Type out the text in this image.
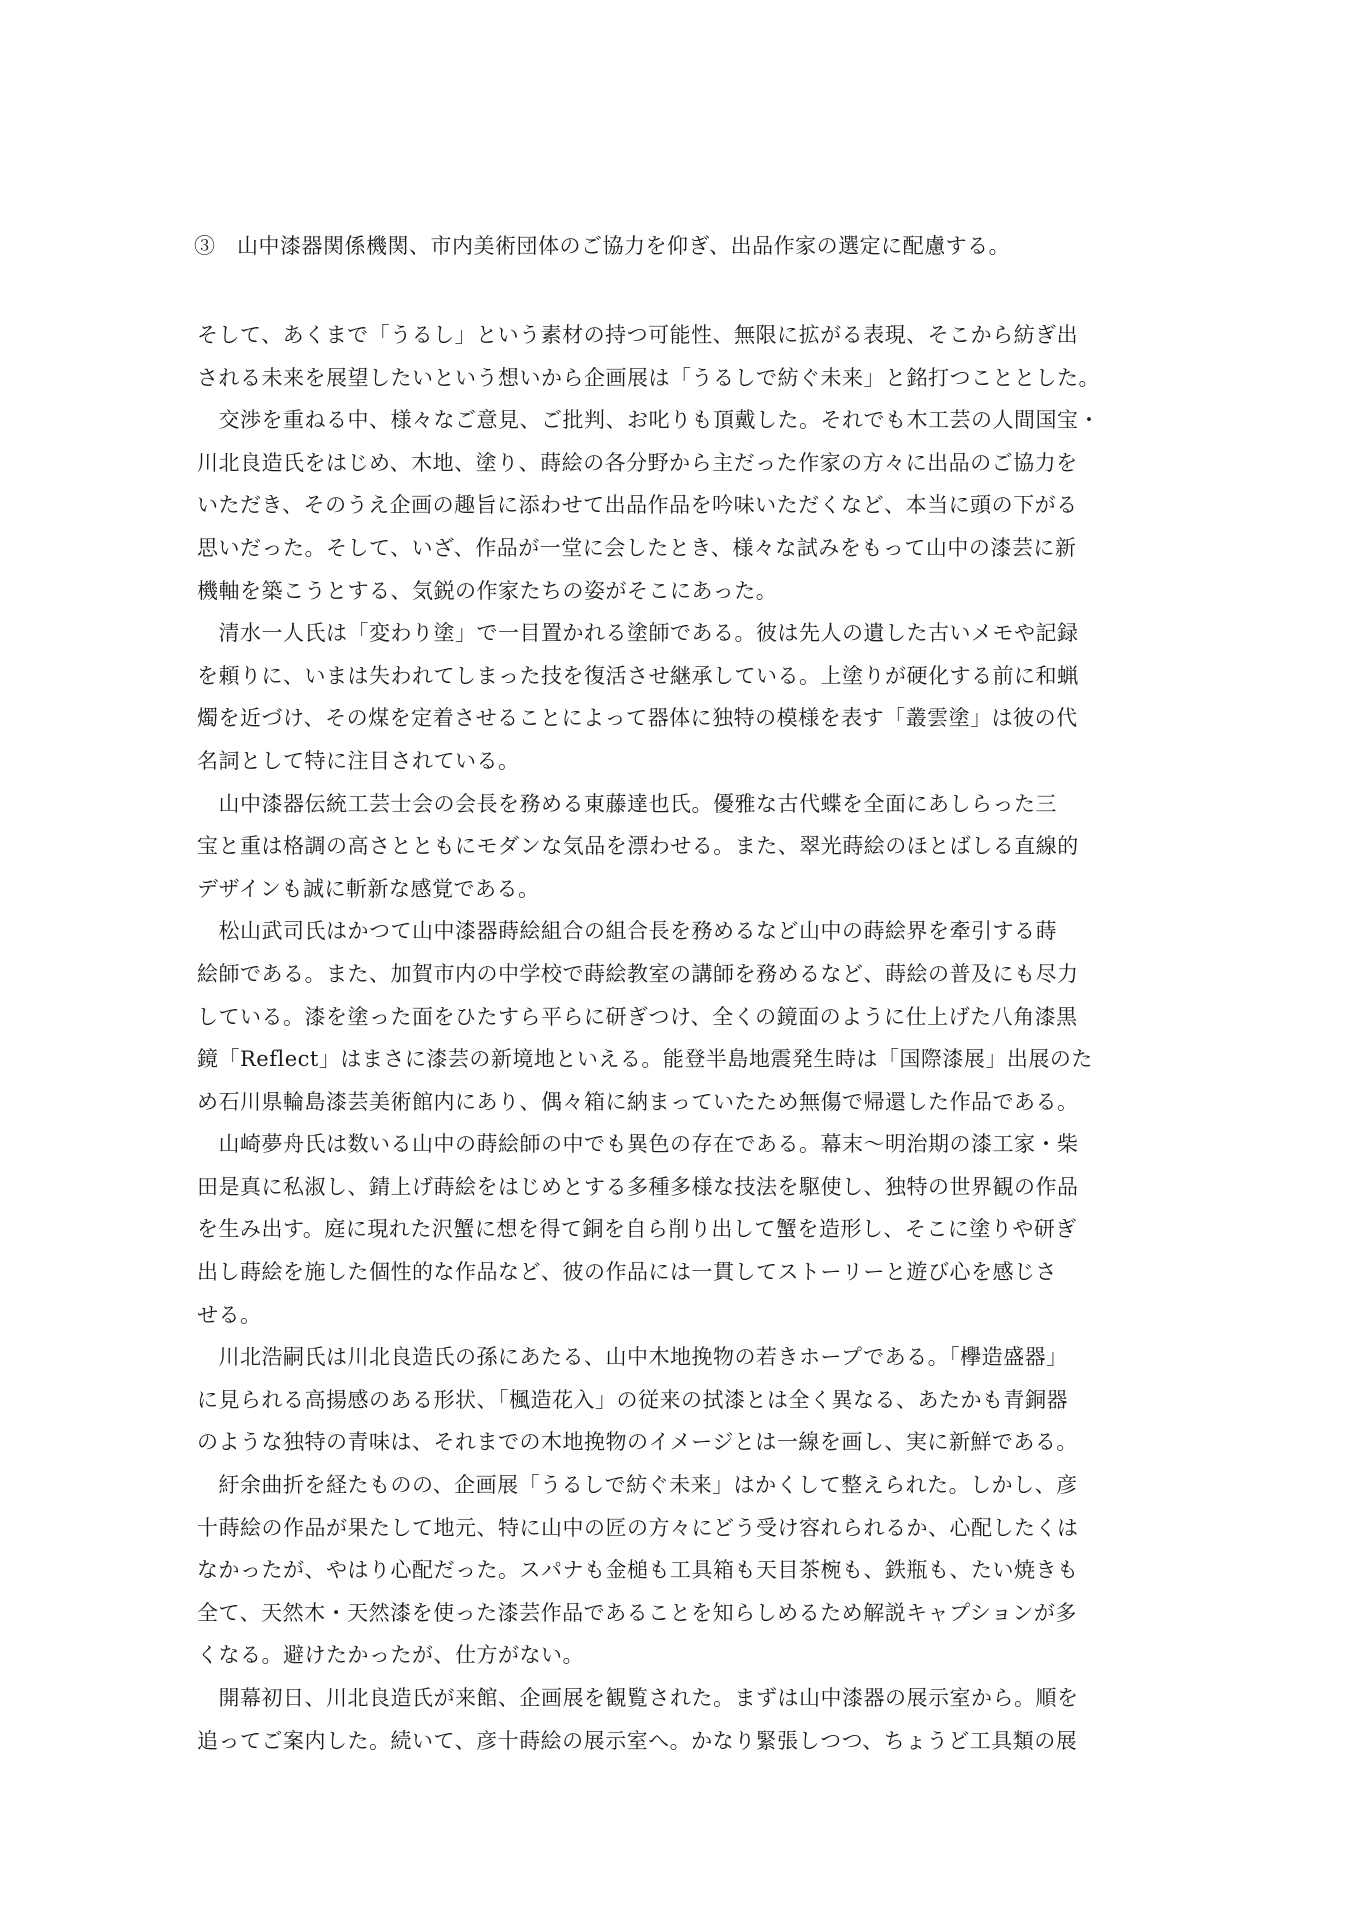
③　山中漆器関係機関、市内美術団体のご協力を仰ぎ、出品作家の選定に配慮する。
そして、あくまで「うるし」という素材の持つ可能性、無限に拡がる表現、そこから紡ぎ出
される未来を展望したいという想いから企画展は「うるしで紡ぐ未来」と銘打つこととした。
　交渉を重ねる中、様々なご意見、ご批判、お叱りも頂戴した。それでも木工芸の人間国宝・
川北良造氏をはじめ、木地、塗り、蒔絵の各分野から主だった作家の方々に出品のご協力を
いただき、そのうえ企画の趣旨に添わせて出品作品を吟味いただくなど、本当に頭の下がる
思いだった。そして、いざ、作品が一堂に会したとき、様々な試みをもって山中の漆芸に新
機軸を築こうとする、気鋭の作家たちの姿がそこにあった。
　清水一人氏は「変わり塗」で一目置かれる塗師である。彼は先人の遺した古いメモや記録
を頼りに、いまは失われてしまった技を復活させ継承している。上塗りが硬化する前に和蝋
燭を近づけ、その煤を定着させることによって器体に独特の模様を表す「叢雲塗」は彼の代
名詞として特に注目されている。
　山中漆器伝統工芸士会の会長を務める東藤達也氏。優雅な古代蝶を全面にあしらった三
宝と重は格調の高さとともにモダンな気品を漂わせる。また、翠光蒔絵のほとばしる直線的
デザインも誠に斬新な感覚である。
　松山武司氏はかつて山中漆器蒔絵組合の組合長を務めるなど山中の蒔絵界を牽引する蒔
絵師である。また、加賀市内の中学校で蒔絵教室の講師を務めるなど、蒔絵の普及にも尽力
している。漆を塗った面をひたすら平らに研ぎつけ、全くの鏡面のように仕上げた八角漆黒
鏡「Reflect」はまさに漆芸の新境地といえる。能登半島地震発生時は「国際漆展」出展のた
め石川県輪島漆芸美術館内にあり、偶々箱に納まっていたため無傷で帰還した作品である。
　山崎夢舟氏は数いる山中の蒔絵師の中でも異色の存在である。幕末〜明治期の漆工家・柴
田是真に私淑し、錆上げ蒔絵をはじめとする多種多様な技法を駆使し、独特の世界観の作品
を生み出す。庭に現れた沢蟹に想を得て銅を自ら削り出して蟹を造形し、そこに塗りや研ぎ
出し蒔絵を施した個性的な作品など、彼の作品には一貫してストーリーと遊び心を感じさ
せる。
　川北浩嗣氏は川北良造氏の孫にあたる、山中木地挽物の若きホープである。「欅造盛器」
に見られる高揚感のある形状、「楓造花入」の従来の拭漆とは全く異なる、あたかも青銅器
のような独特の青味は、それまでの木地挽物のイメージとは一線を画し、実に新鮮である。
　紆余曲折を経たものの、企画展「うるしで紡ぐ未来」はかくして整えられた。しかし、彦
十蒔絵の作品が果たして地元、特に山中の匠の方々にどう受け容れられるか、心配したくは
なかったが、やはり心配だった。スパナも金槌も工具箱も天目茶椀も、鉄瓶も、たい焼きも
全て、天然木・天然漆を使った漆芸作品であることを知らしめるため解説キャプションが多
くなる。避けたかったが、仕方がない。
　開幕初日、川北良造氏が来館、企画展を観覧された。まずは山中漆器の展示室から。順を
追ってご案内した。続いて、彦十蒔絵の展示室へ。かなり緊張しつつ、ちょうど工具類の展
